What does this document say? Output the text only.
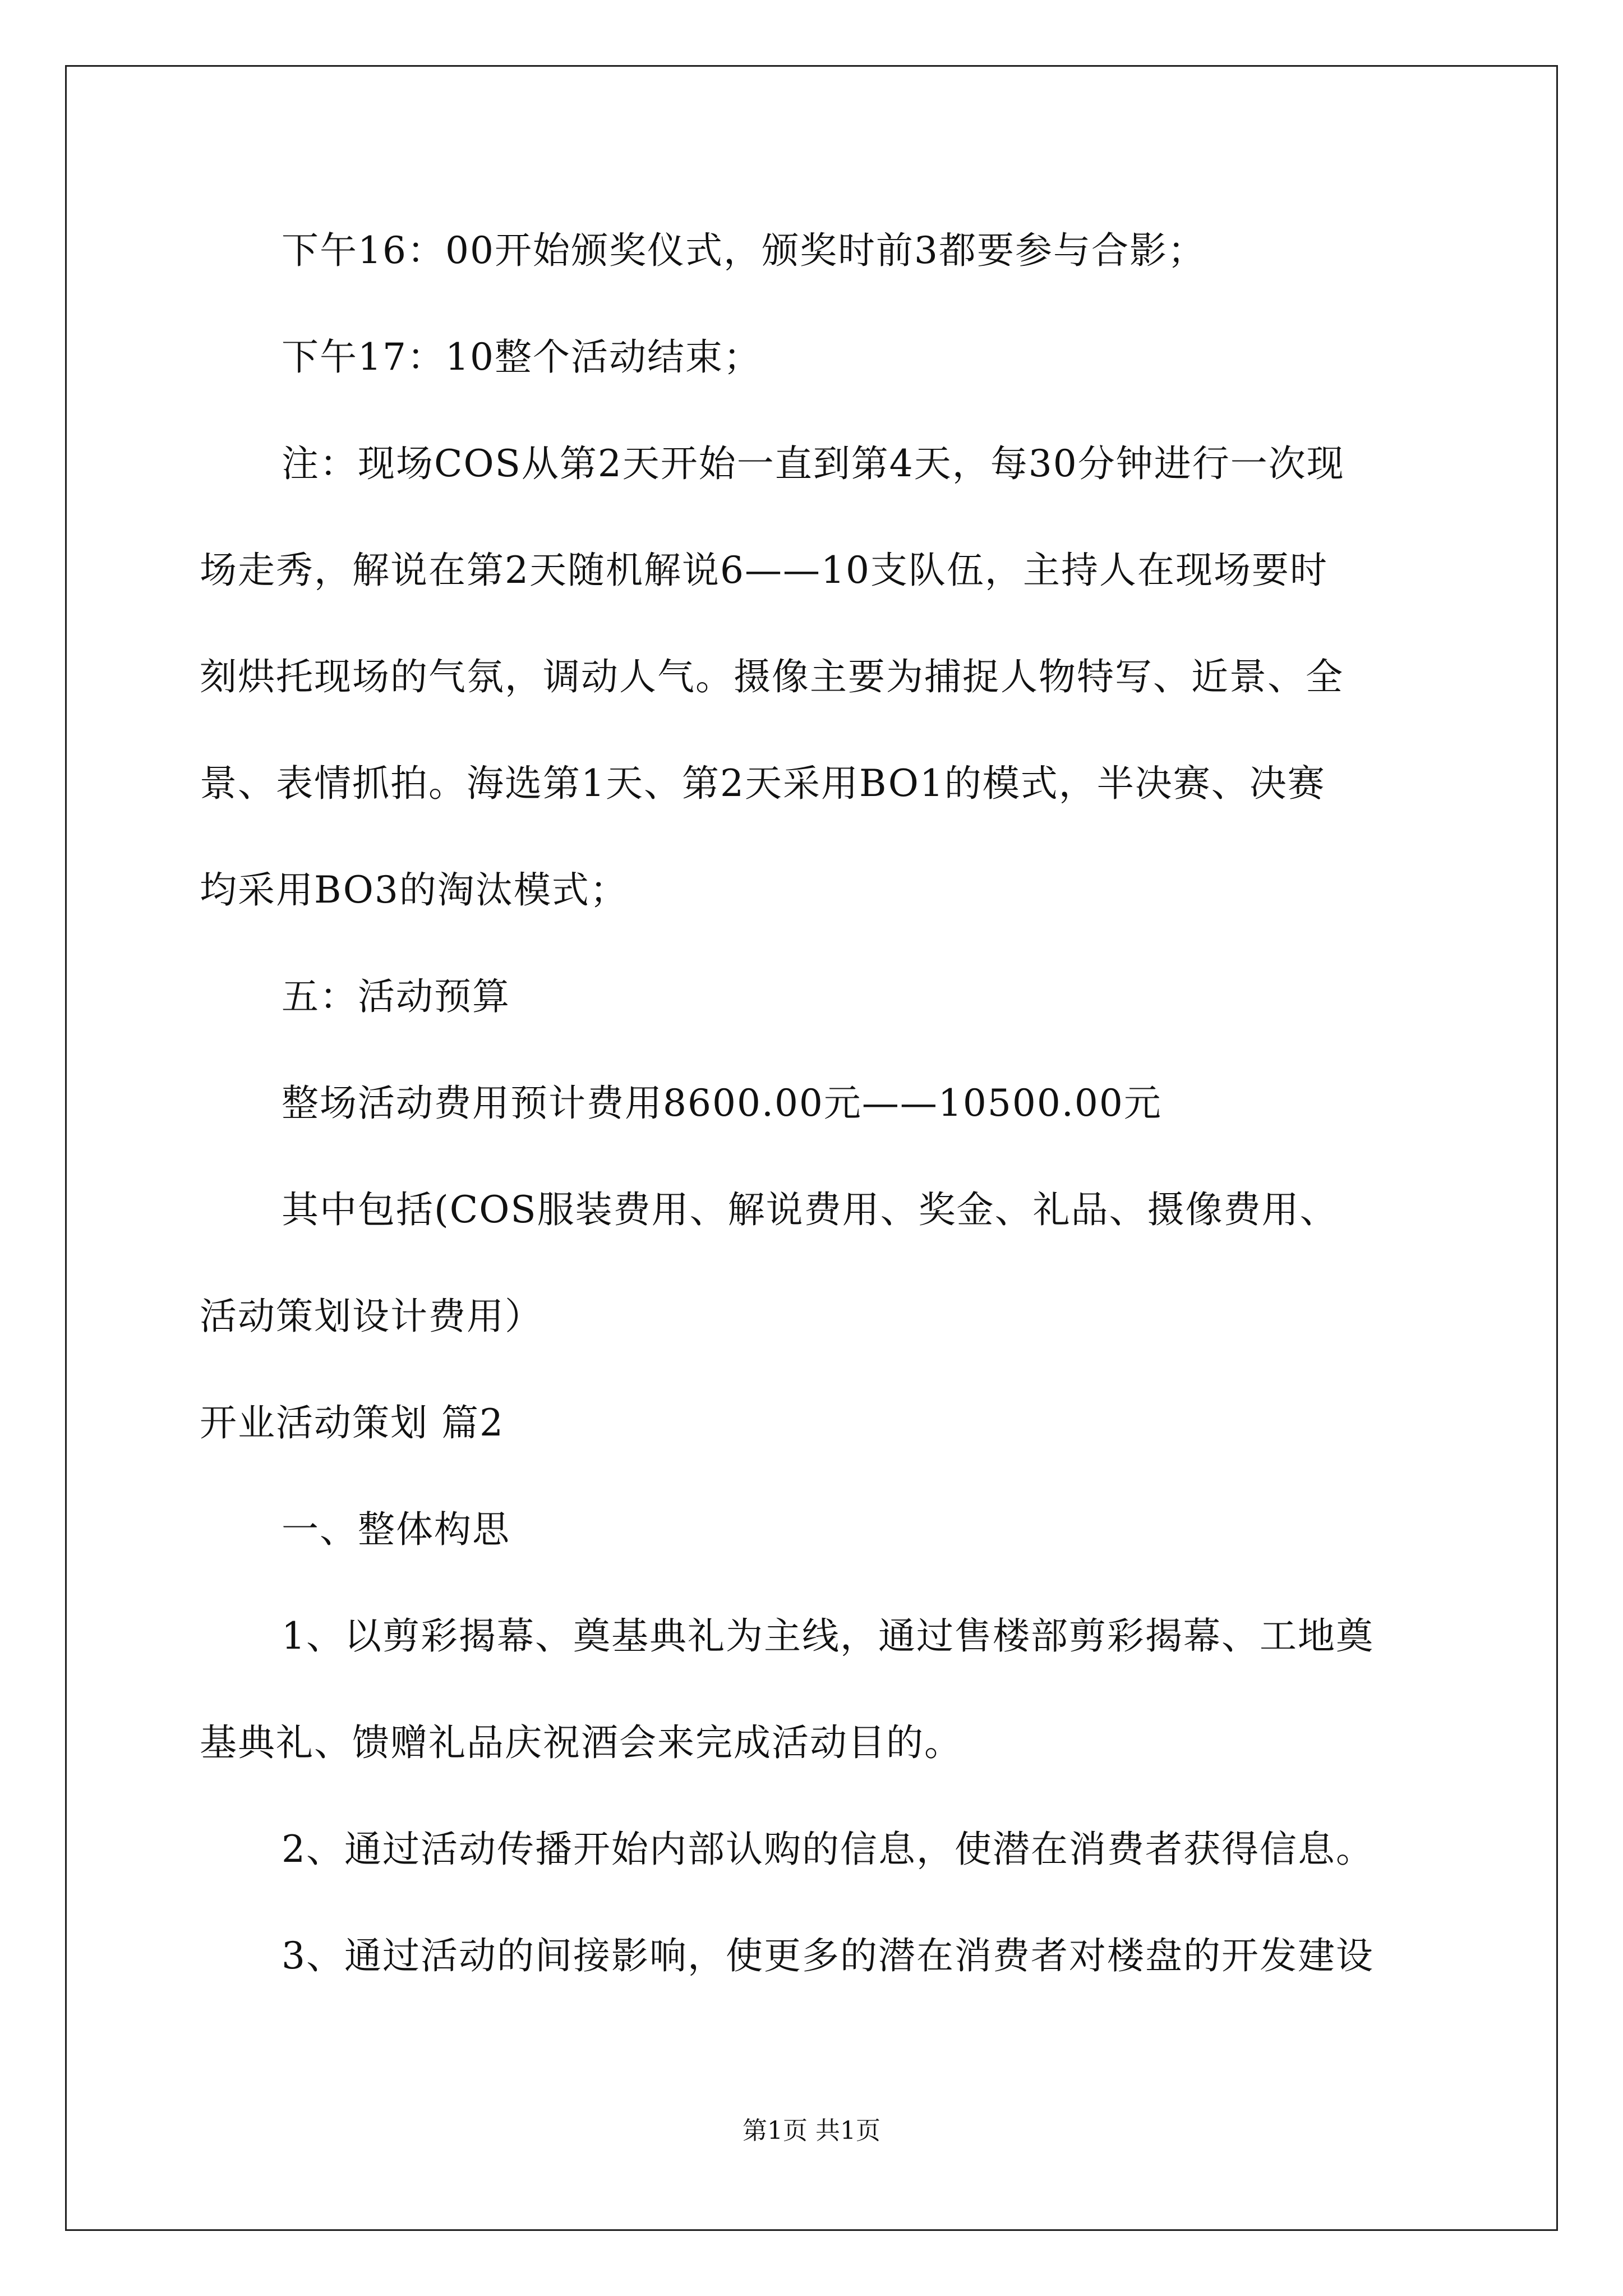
下午16：00开始颁奖仪式，颁奖时前3都要参与合影；
下午17：10整个活动结束；
注：现场COS从第2天开始一直到第4天，每30分钟进行一次现
场走秀，解说在第2天随机解说6——10支队伍，主持人在现场要时
刻烘托现场的气氛，调动人气。摄像主要为捕捉人物特写、近景、全
景、表情抓拍。海选第1天、第2天采用BO1的模式，半决赛、决赛
均采用BO3的淘汰模式；
五：活动预算
整场活动费用预计费用8600.00元——10500.00元
其中包括(COS服装费用、解说费用、奖金、礼品、摄像费用、
活动策划设计费用）
开业活动策划 篇2
一、整体构思
1、以剪彩揭幕、奠基典礼为主线，通过售楼部剪彩揭幕、工地奠
基典礼、馈赠礼品庆祝酒会来完成活动目的。
2、通过活动传播开始内部认购的信息，使潜在消费者获得信息。
3、通过活动的间接影响，使更多的潜在消费者对楼盘的开发建设
第1页 共1页
